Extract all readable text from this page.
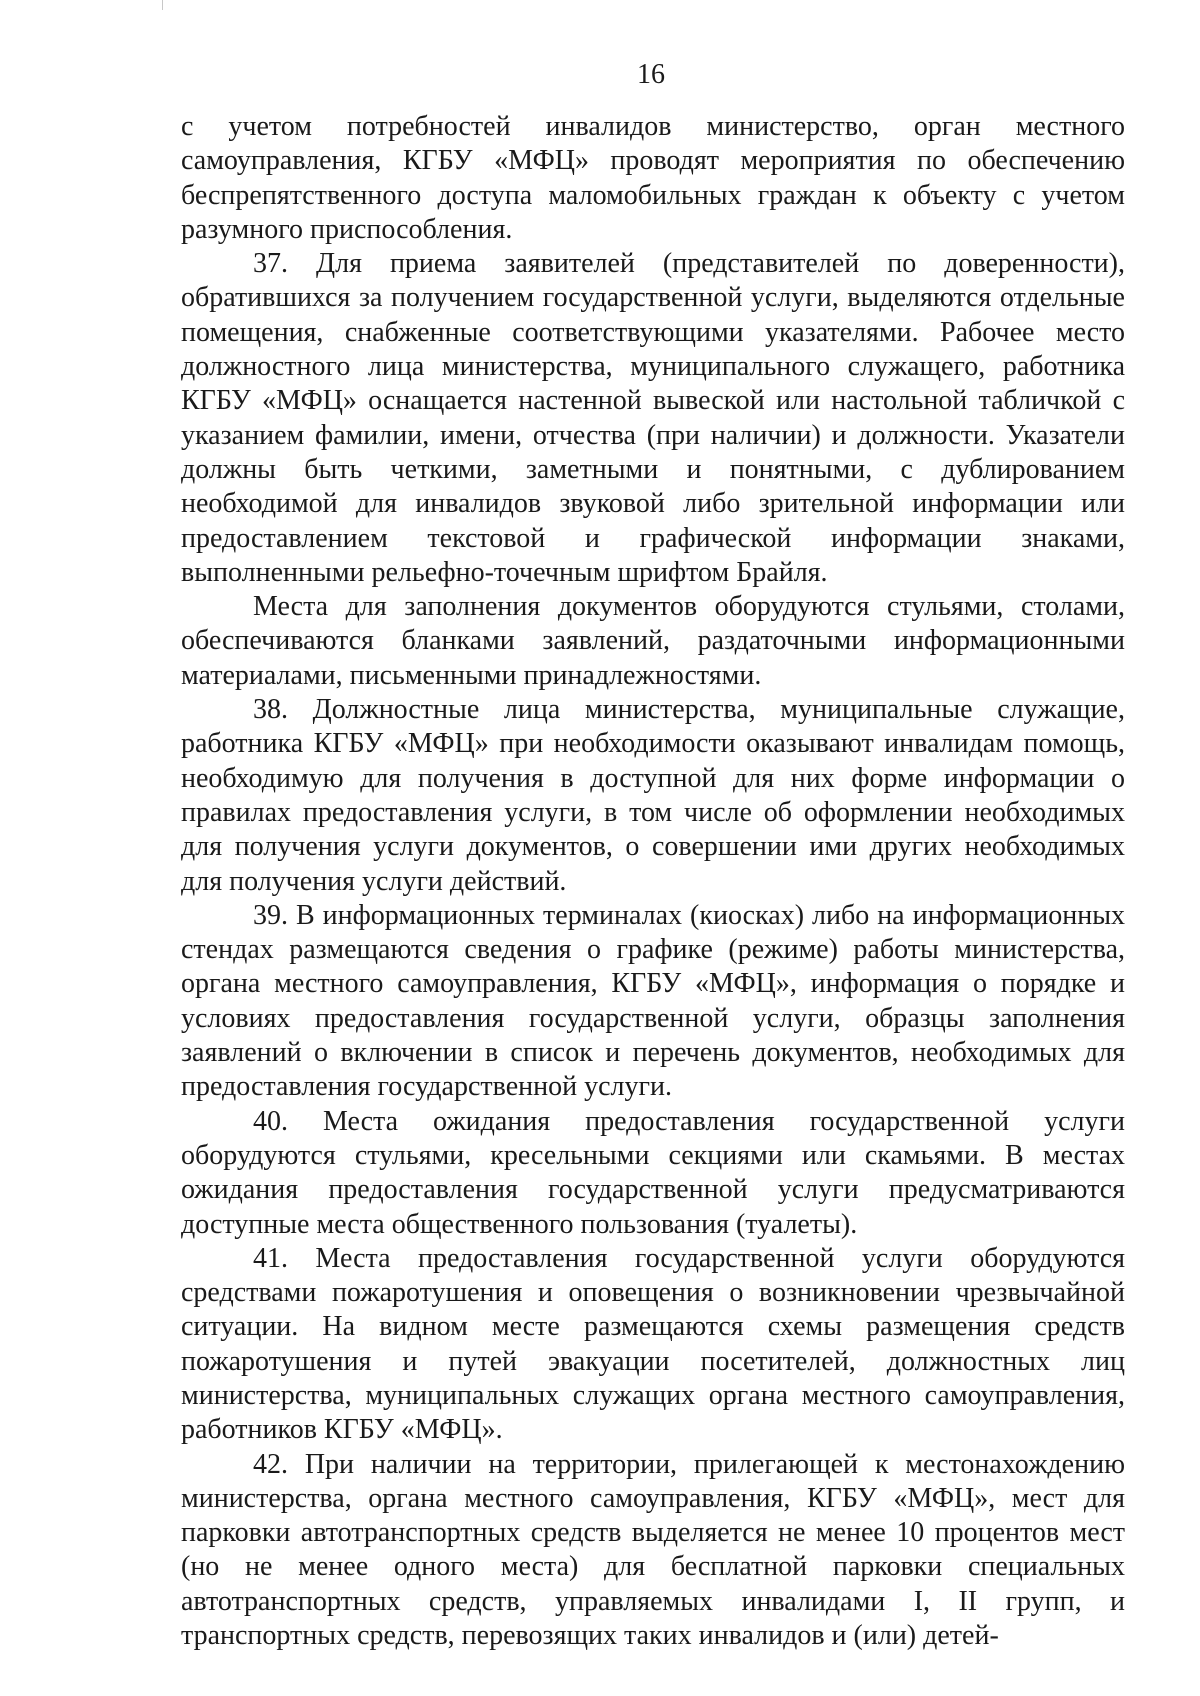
16

с учетом потребностей инвалидов министерство, орган местного самоуправления, КГБУ «МФЦ» проводят мероприятия по обеспечению беспрепятственного доступа маломобильных граждан к объекту с учетом разумного приспособления.

37. Для приема заявителей (представителей по доверенности), обратившихся за получением государственной услуги, выделяются отдельные помещения, снабженные соответствующими указателями. Рабочее место должностного лица министерства, муниципального служащего, работника КГБУ «МФЦ» оснащается настенной вывеской или настольной табличкой с указанием фамилии, имени, отчества (при наличии) и должности. Указатели должны быть четкими, заметными и понятными, с дублированием необходимой для инвалидов звуковой либо зрительной информации или предоставлением текстовой и графической информации знаками, выполненными рельефно-точечным шрифтом Брайля.

Места для заполнения документов оборудуются стульями, столами, обеспечиваются бланками заявлений, раздаточными информационными материалами, письменными принадлежностями.

38. Должностные лица министерства, муниципальные служащие, работника КГБУ «МФЦ» при необходимости оказывают инвалидам помощь, необходимую для получения в доступной для них форме информации о правилах предоставления услуги, в том числе об оформлении необходимых для получения услуги документов, о совершении ими других необходимых для получения услуги действий.

39. В информационных терминалах (киосках) либо на информационных стендах размещаются сведения о графике (режиме) работы министерства, органа местного самоуправления, КГБУ «МФЦ», информация о порядке и условиях предоставления государственной услуги, образцы заполнения заявлений о включении в список и перечень документов, необходимых для предоставления государственной услуги.

40. Места ожидания предоставления государственной услуги оборудуются стульями, кресельными секциями или скамьями. В местах ожидания предоставления государственной услуги предусматриваются доступные места общественного пользования (туалеты).

41. Места предоставления государственной услуги оборудуются средствами пожаротушения и оповещения о возникновении чрезвычайной ситуации. На видном месте размещаются схемы размещения средств пожаротушения и путей эвакуации посетителей, должностных лиц министерства, муниципальных служащих органа местного самоуправления, работников КГБУ «МФЦ».

42. При наличии на территории, прилегающей к местонахождению министерства, органа местного самоуправления, КГБУ «МФЦ», мест для парковки автотранспортных средств выделяется не менее 10 процентов мест (но не менее одного места) для бесплатной парковки специальных автотранспортных средств, управляемых инвалидами I, II групп, и транспортных средств, перевозящих таких инвалидов и (или) детей-
